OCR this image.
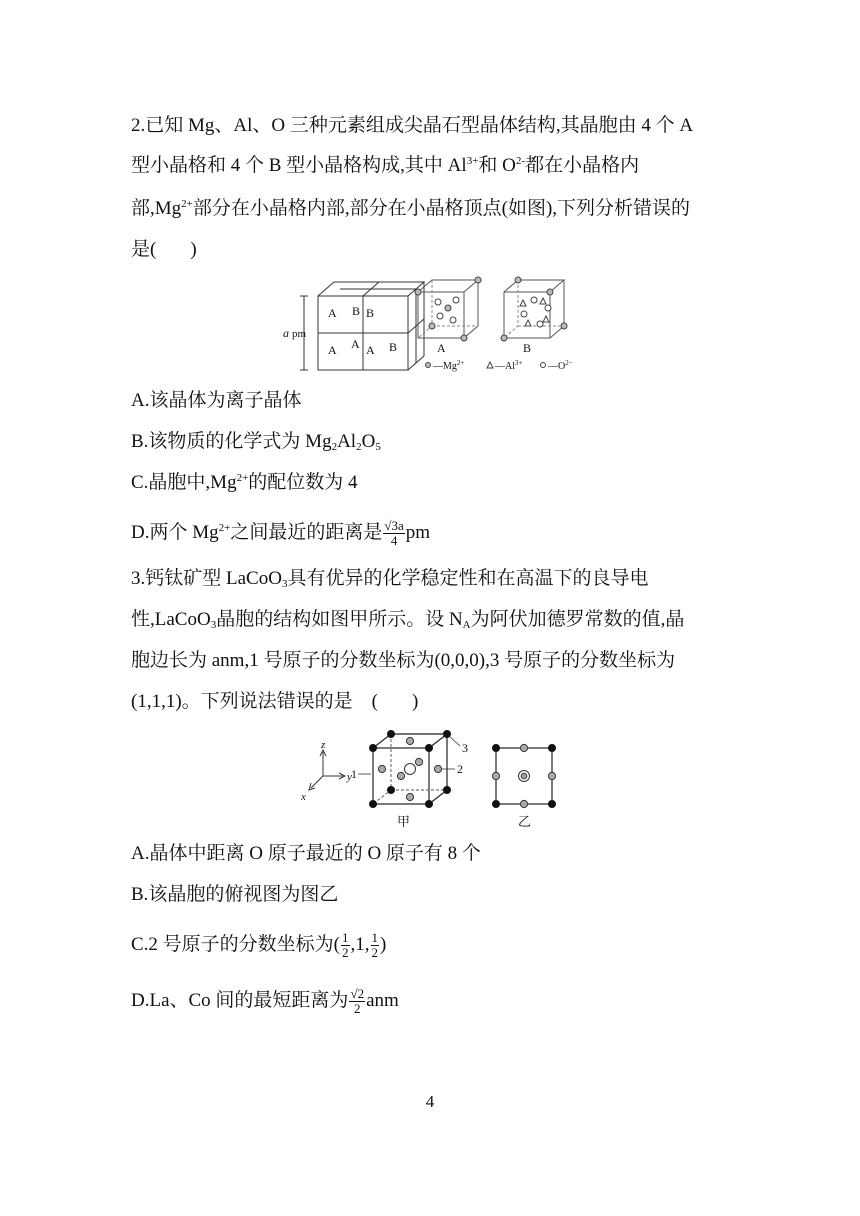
2.已知 Mg、Al、O 三种元素组成尖晶石型晶体结构,其晶胞由 4 个 A
型小晶格和 4 个 B 型小晶格构成,其中 $Al^{3+}$和 $O^{2-}$都在小晶格内
部$,Mg^{2+}$部分在小晶格内部,部分在小晶格顶点(如图),下列分析错误的
是( )
a pm
A B B
A
A A B	A	B
$—Mg^{2+}$	$—Al^{3+}$	$—O^{2-}$
A.该晶体为离子晶体
B.该物质的化学式为 $Mg_2Al_2O_5$
C.晶胞中$,Mg^{2+}$的配位数为 4
D.两个 $Mg^{2+}$之间最近的距离是 $\frac{√3a}{4}$ pm
3.钙钛矿型 LaCoO$_3$具有优异的化学稳定性和在高温下的良导电
性,LaCoO$_3$晶胞的结构如图甲所示。设 $N_A$为阿伏加德罗常数的值,晶
胞边长为 anm,1 号原子的分数坐标为(0,0,0),3 号原子的分数坐标为
(1,1,1)。下列说法错误的是　( )
z
y
x
1	2
3
甲	乙
A.晶体中距离 O 原子最近的 O 原子有 8 个
B.该晶胞的俯视图为图乙
C.2 号原子的分数坐标为( $\frac{1}{2} ,1$, $\frac{1}{2}$ )
D.La、Co 间的最短距离为 $\frac{√2}{2}$ anm
4
